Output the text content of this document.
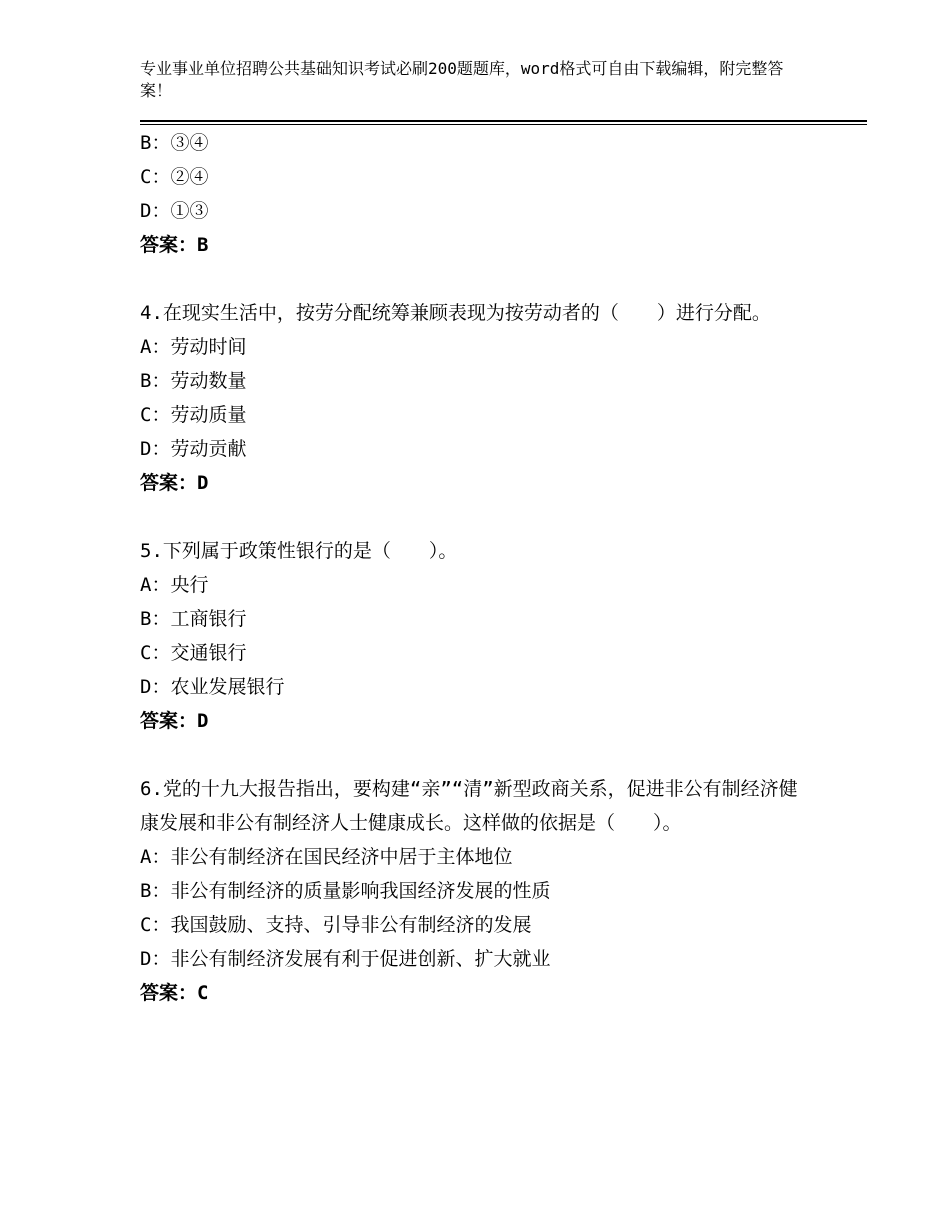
专业事业单位招聘公共基础知识考试必刷200题题库，word格式可自由下载编辑，附完整答案！
B：③④
C：②④
D：①③
答案：B
4.在现实生活中，按劳分配统筹兼顾表现为按劳动者的（　　）进行分配。
A：劳动时间
B：劳动数量
C：劳动质量
D：劳动贡献
答案：D
5.下列属于政策性银行的是（　　）。
A：央行
B：工商银行
C：交通银行
D：农业发展银行
答案：D
6.党的十九大报告指出，要构建“亲”“清”新型政商关系，促进非公有制经济健康发展和非公有制经济人士健康成长。这样做的依据是（　　）。
A：非公有制经济在国民经济中居于主体地位
B：非公有制经济的质量影响我国经济发展的性质
C：我国鼓励、支持、引导非公有制经济的发展
D：非公有制经济发展有利于促进创新、扩大就业
答案：C
